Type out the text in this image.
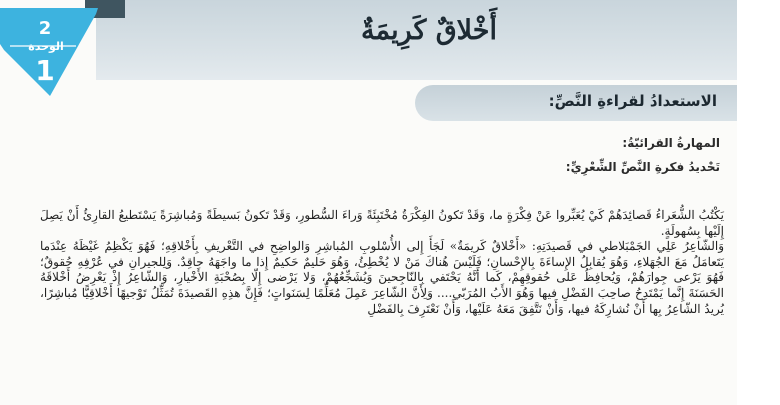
أَخْلاقٌ كَرِيمَةٌ
2
الوحدة
1
الاستعدادُ لقراءةِ النَّصِّ:
المهارةُ القرائيّةُ:
تَحْديدُ فكرةِ النَّصِّ الشِّعْرِيِّ:

يَكْتُبُ الشُّعَراءُ قَصائِدَهُمْ كَيْ يُعَبِّروا عَنْ فِكْرَةٍ ما، وَقَدْ تَكونُ الفِكْرَةُ مُخْتَبِئَةً وَراءَ السُّطورِ، وَقَدْ تَكونُ بَسيطَةً وَمُباشِرَةً يَسْتَطيعُ القارِئُ أَنْ يَصِلَ إِلَيْها بِسُهولَةٍ.

وَالشّاعِرُ عَلِي الجَمْبَلاطي في قَصيدَتِهِ: «أَخْلاقٌ كَريمَةٌ» لَجَأَ إِلى الأُسْلوبِ المُباشِرِ وَالواضِحِ في التَّعْريفِ بِأَخْلاقِهِ؛ فَهُوَ يَكْظِمُ غَيْظَهُ عِنْدَما يَتَعامَلُ مَعَ الجُهَلاءِ، وَهُوَ يُقابِلُ الإِساءَةَ بِالإِحْسانِ؛ فَلَيْسَ هُناكَ مَنْ لا يُخْطِئُ، وَهُوَ حَليمٌ حَكيمٌ إِذا ما واجَهَهُ حاقِدٌ. وَلِلجيرانِ في عُرْفِهِ حُقوقٌ؛ فَهُوَ يَرْعى جِوارَهُمْ، وَيُحافِظُ عَلى حُقوقِهِمْ، كَما أَنَّهُ يَحْتَفي بِالنّاجِحينَ وَيُشَجِّعُهُمْ، وَلا يَرْضى إِلّا بِصُحْبَةِ الأَخْيارِ، وَالشّاعِرُ إِذْ يَعْرِضُ أَخْلاقَهُ الحَسَنَةَ إِنَّما يَمْتَدِحُ صاحِبَ الفَضْلِ فيها وَهُوَ الأَبُ المُرَبّي.... وَلِأَنَّ الشّاعِرَ عَمِلَ مُعَلِّمًا لِسَنَواتٍ؛ فَإِنَّ هذِهِ القَصيدَةَ تُمَثِّلُ تَوْجيهًا أَخْلاقِيًّا مُباشِرًا، يُريدُ الشّاعِرُ بِها أَنْ نُشارِكَهُ فيها، وَأَنْ نَتَّفِقَ مَعَهُ عَلَيْها، وَأَنْ نَعْتَرِفَ بِالفَضْلِ
